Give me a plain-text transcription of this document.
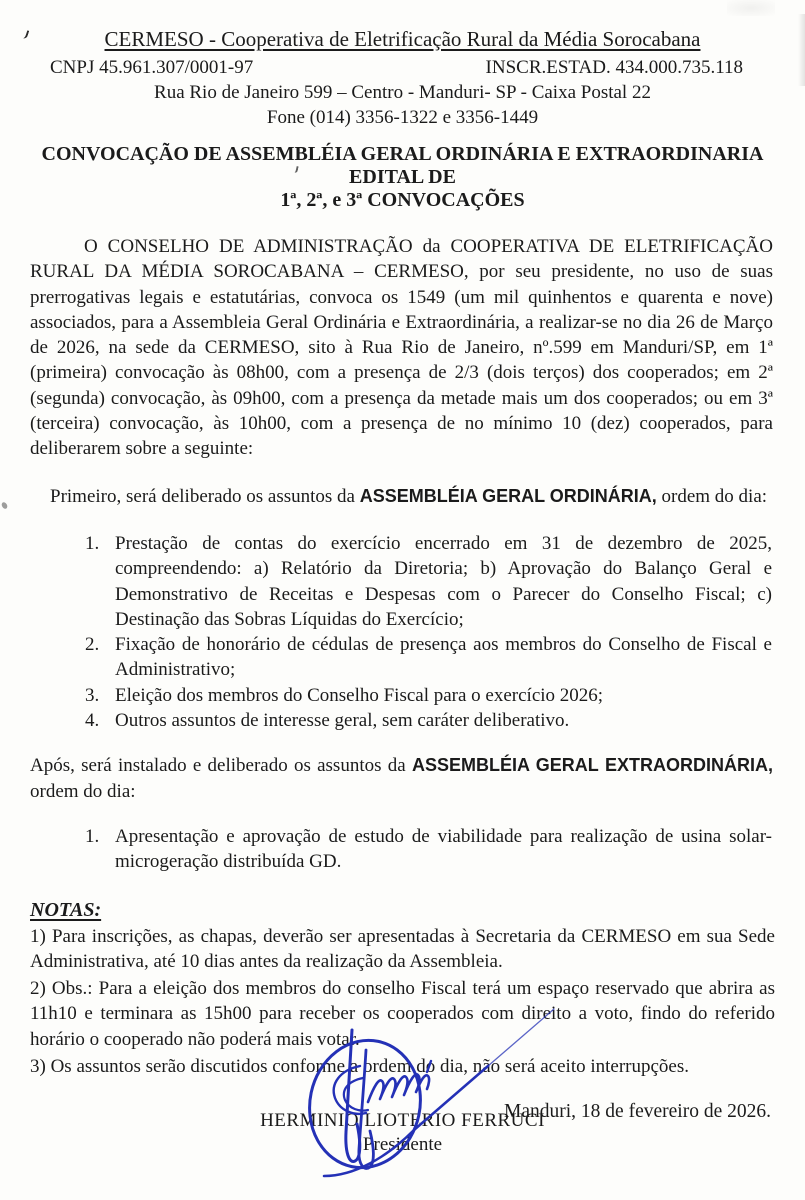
CERMESO - Cooperativa de Eletrificação Rural da Média Sorocabana
CNPJ 45.961.307/0001-97	INSCR.ESTAD. 434.000.735.118
Rua Rio de Janeiro 599 – Centro - Manduri- SP - Caixa Postal 22
Fone (014) 3356-1322 e 3356-1449
CONVOCAÇÃO DE ASSEMBLÉIA GERAL ORDINÁRIA E EXTRAORDINARIA
EDITAL DE
1ª, 2ª, e 3ª CONVOCAÇÕES

O CONSELHO DE ADMINISTRAÇÃO da COOPERATIVA DE ELETRIFICAÇÃO RURAL DA MÉDIA SOROCABANA – CERMESO, por seu presidente, no uso de suas prerrogativas legais e estatutárias, convoca os 1549 (um mil quinhentos e quarenta e nove) associados, para a Assembleia Geral Ordinária e Extraordinária, a realizar-se no dia 26 de Março de 2026, na sede da CERMESO, sito à Rua Rio de Janeiro, nº.599 em Manduri/SP, em 1ª (primeira) convocação às 08h00, com a presença de 2/3 (dois terços) dos cooperados; em 2ª (segunda) convocação, às 09h00, com a presença da metade mais um dos cooperados; ou em 3ª (terceira) convocação, às 10h00, com a presença de no mínimo 10 (dez) cooperados, para deliberarem sobre a seguinte:

Primeiro, será deliberado os assuntos da ASSEMBLÉIA GERAL ORDINÁRIA, ordem do dia:

Prestação de contas do exercício encerrado em 31 de dezembro de 2025, compreendendo: a) Relatório da Diretoria; b) Aprovação do Balanço Geral e Demonstrativo de Receitas e Despesas com o Parecer do Conselho Fiscal; c) Destinação das Sobras Líquidas do Exercício;
Fixação de honorário de cédulas de presença aos membros do Conselho de Fiscal e Administrativo;
Eleição dos membros do Conselho Fiscal para o exercício 2026;
Outros assuntos de interesse geral, sem caráter deliberativo.

Após, será instalado e deliberado os assuntos da ASSEMBLÉIA GERAL EXTRAORDINÁRIA, ordem do dia:

Apresentação e aprovação de estudo de viabilidade para realização de usina solar-microgeração distribuída GD.
NOTAS:

1) Para inscrições, as chapas, deverão ser apresentadas à Secretaria da CERMESO em sua Sede Administrativa, até 10 dias antes da realização da Assembleia.

2) Obs.: Para a eleição dos membros do conselho Fiscal terá um espaço reservado que abrira as 11h10 e terminara as 15h00 para receber os cooperados com direito a voto, findo do referido horário o cooperado não poderá mais votar.

3) Os assuntos serão discutidos conforme a ordem do dia, não será aceito interrupções.

Manduri, 18 de fevereiro de 2026.
HERMINIO LIOTERIO FERRUCI
Presidente
